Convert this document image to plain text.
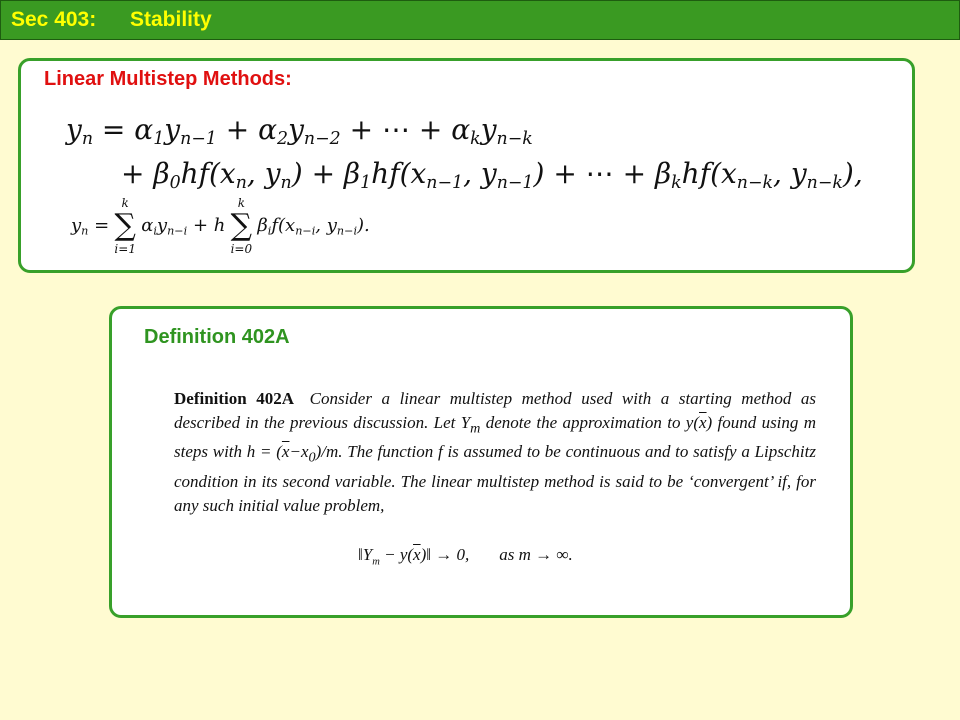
Sec 403: Stability
Linear Multistep Methods:
$y_n = \alpha_1y_{n-1} + \alpha_2y_{n-2}$ + ⋯ + $\alpha_ky_{n-k}$
+ $\beta_0hf(x_n$, $y_n) + \beta_1hf(x_{n-1}$, $y_{n-1}$) + ⋯ + $\beta_khf(x_{n-k}$, $y_{n-k}$),
$y_n$ =
k
∑
i=1
$\alpha_iy_{n-i} + h$
k
∑
i=0
$\beta_if(x_{n-i}$, $y_{n-i}$).
Definition 402A
Definition 402A Consider a linear multistep method used with a starting method as described in the previous discussion. Let $Y_m$ denote the approximation to $y(\overline{x})$ found using m steps with $h = (\overline{x}-x_0)/m$. The function f is assumed to be continuous and to satisfy a Lipschitz condition in its second variable. The linear multistep method is said to be ‘convergent’ if, for any such initial value problem,
$‖Y_m$ − $y(\overline{x})‖ \to 0$, as m → ∞.
